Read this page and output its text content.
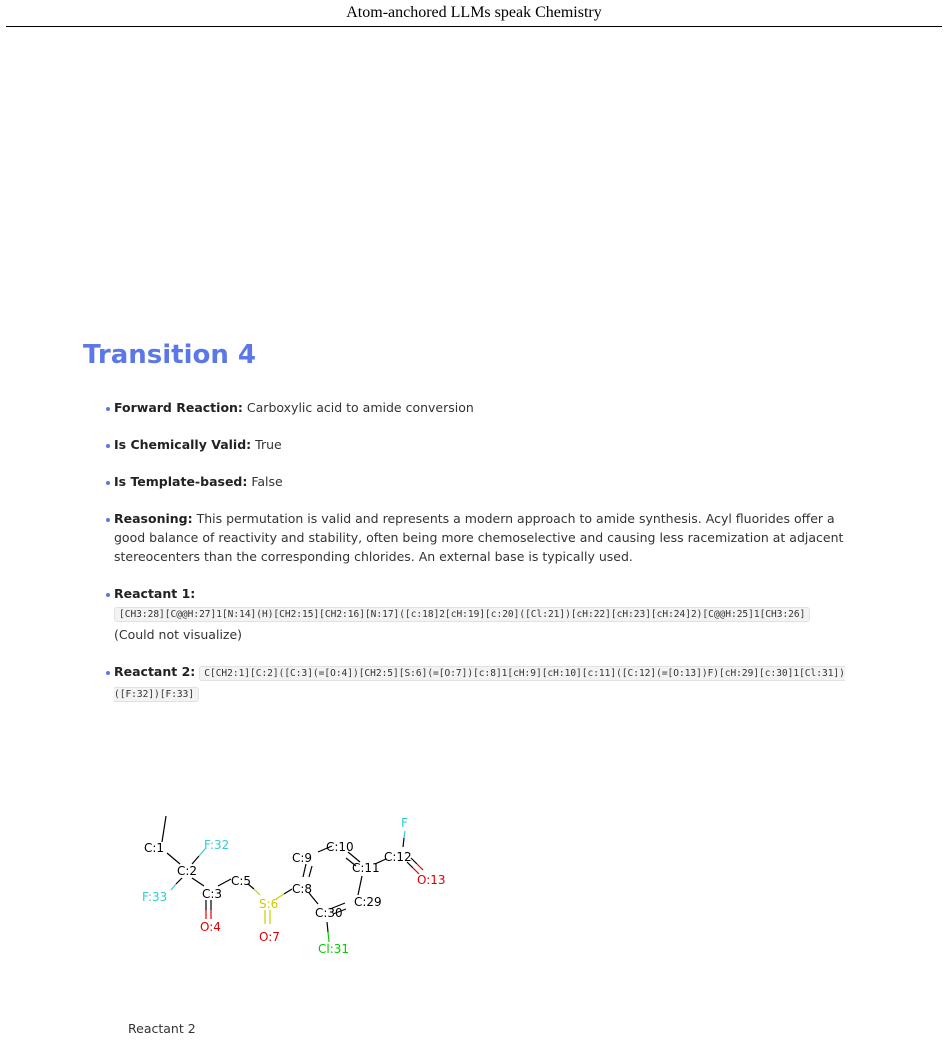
Atom-anchored LLMs speak Chemistry
Transition 4
Forward Reaction: Carboxylic acid to amide conversion
Is Chemically Valid: True
Is Template-based: False
Reasoning: This permutation is valid and represents a modern approach to amide synthesis. Acyl fluorides offer a good balance of reactivity and stability, often being more chemoselective and causing less racemization at adjacent stereocenters than the corresponding chlorides. An external base is typically used.
Reactant 1:
[CH3:28][C@@H:27]1[N:14](H)[CH2:15][CH2:16][N:17]([c:18]2[cH:19][c:20]([Cl:21])[cH:22][cH:23][cH:24]2)[C@@H:25]1[CH3:26] (Could not visualize)
Reactant 2: C[CH2:1][C:2]([C:3](=[O:4])[CH2:5][S:6](=[O:7])[c:8]1[cH:9][cH:10][c:11]([C:12](=[O:13])F)[cH:29][c:30]1[Cl:31])([F:32])[F:33]
C:1
C:2
F:32
F:33	C:3
O:4
C:5
S:6
O:7
C:8
C:9
C:10
C:11
C:12
F
O:13
C:29
C:30
Cl:31
Reactant 2
